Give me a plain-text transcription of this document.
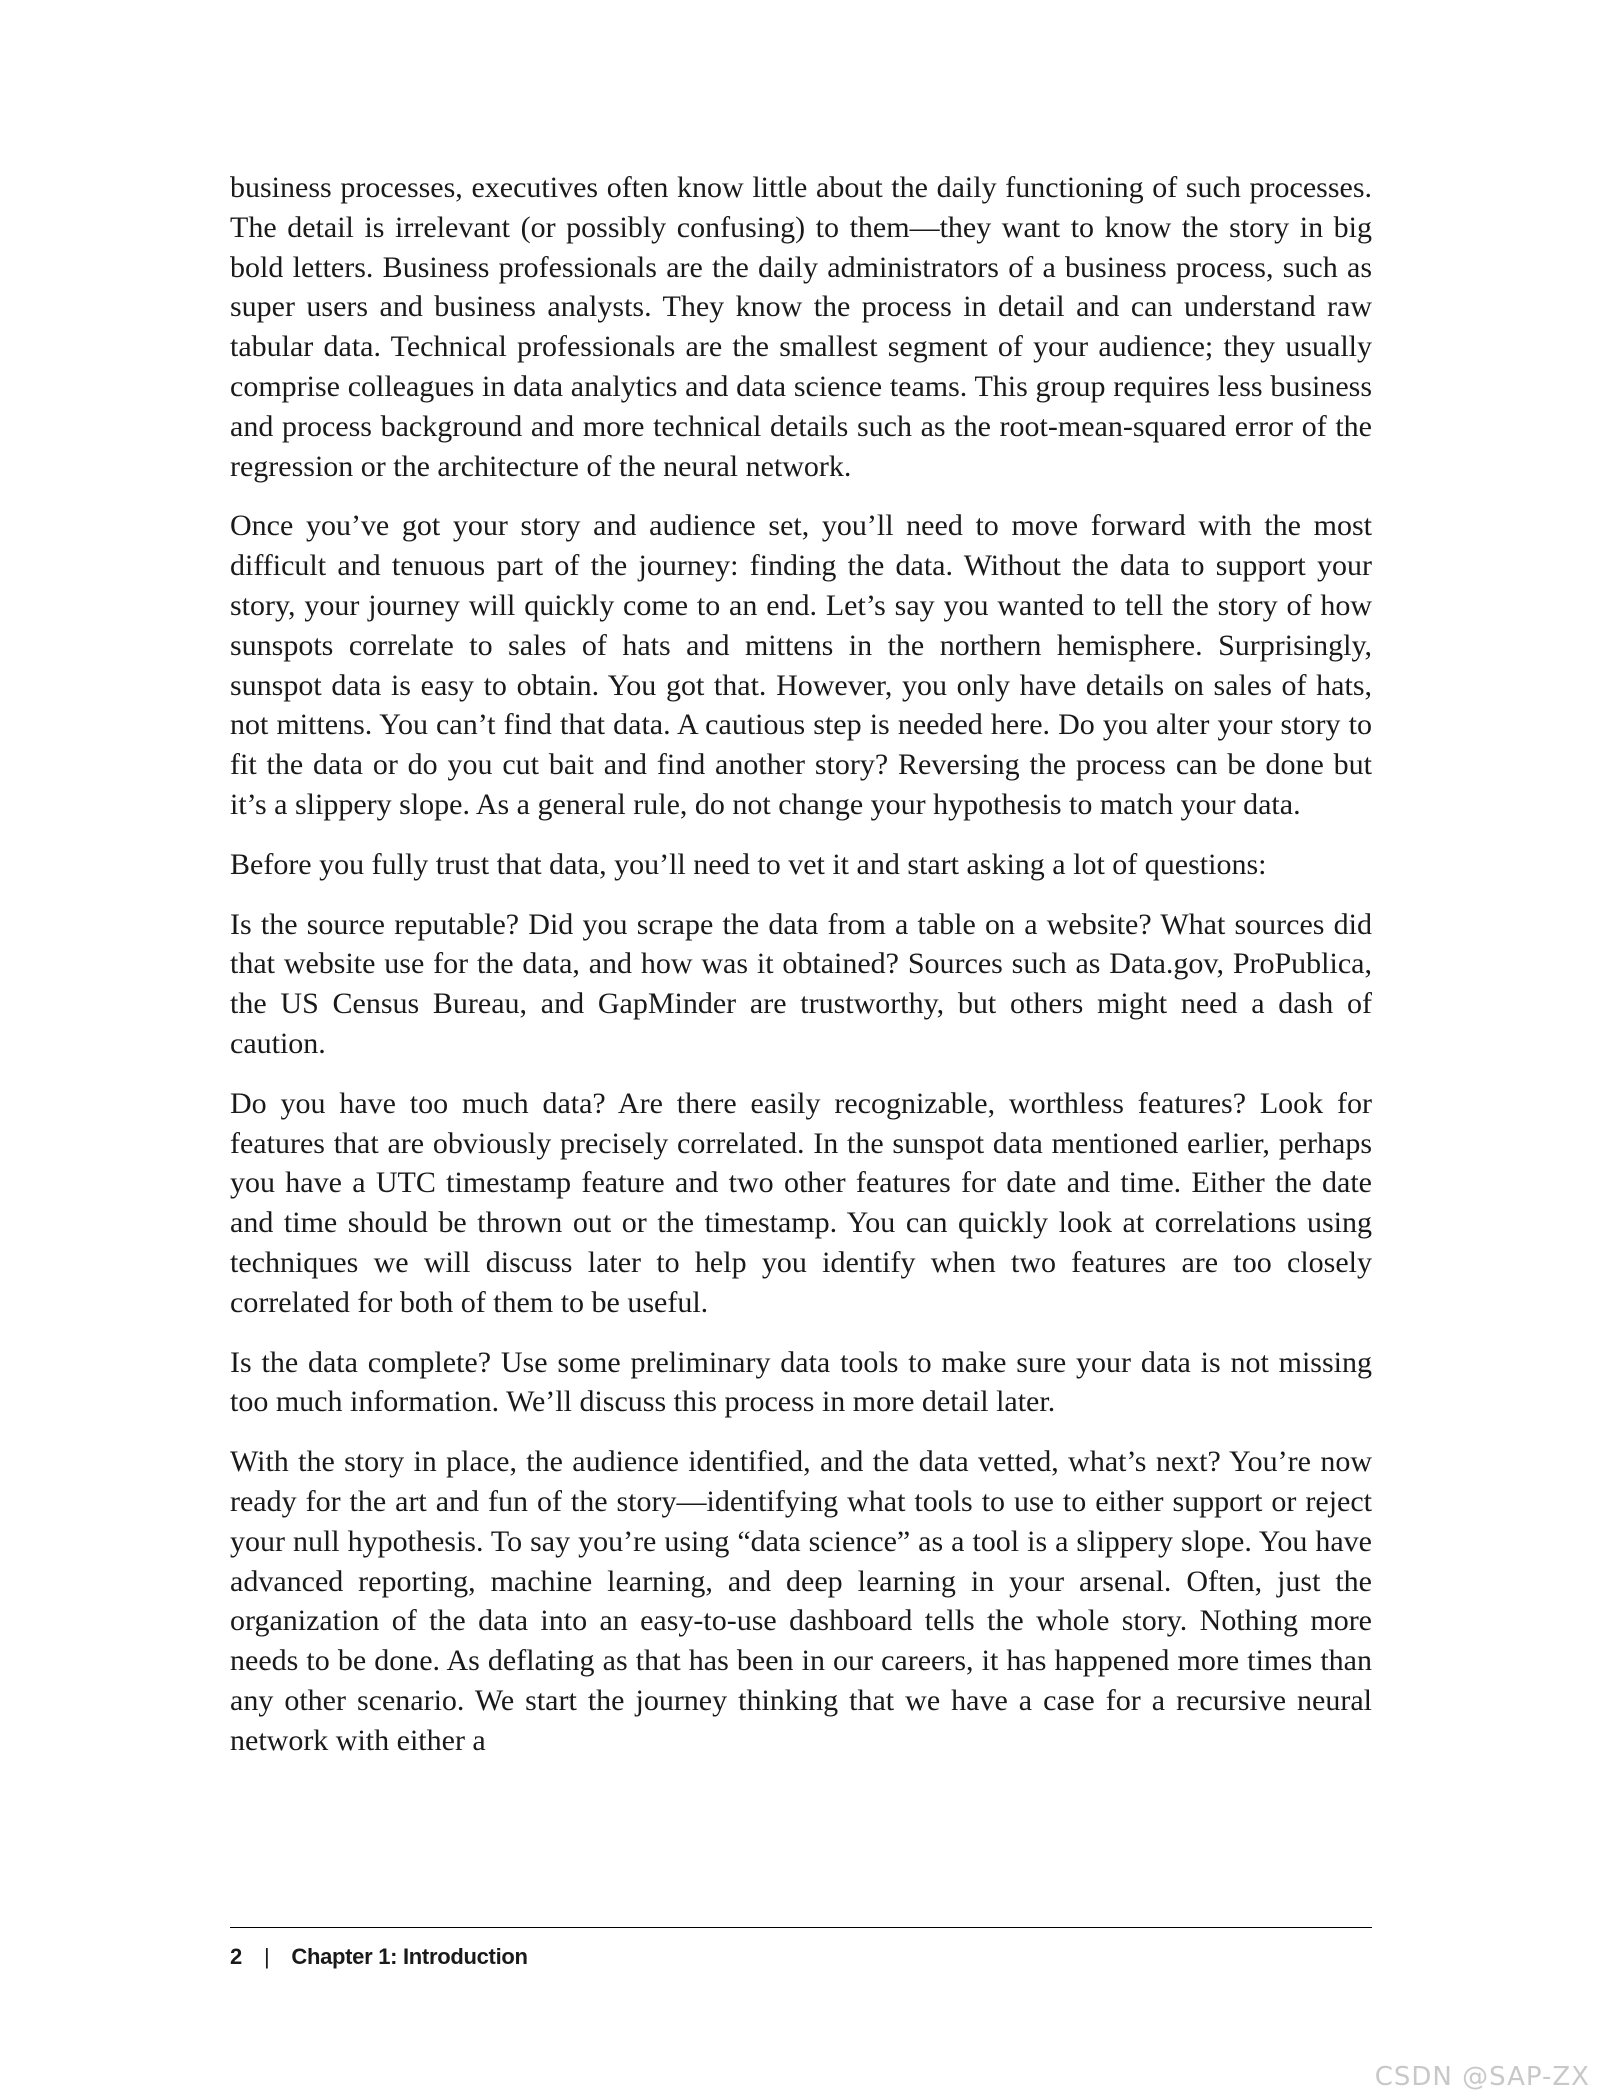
business processes, executives often know little about the daily functioning of such processes. The detail is irrelevant (or possibly confusing) to them—they want to know the story in big bold letters. Business professionals are the daily administrators of a business process, such as super users and business analysts. They know the process in detail and can understand raw tabular data. Technical professionals are the smallest segment of your audience; they usually comprise colleagues in data analytics and data science teams. This group requires less business and process background and more technical details such as the root-mean-squared error of the regression or the architecture of the neural network.

Once you’ve got your story and audience set, you’ll need to move forward with the most difficult and tenuous part of the journey: finding the data. Without the data to support your story, your journey will quickly come to an end. Let’s say you wanted to tell the story of how sunspots correlate to sales of hats and mittens in the northern hemisphere. Surprisingly, sunspot data is easy to obtain. You got that. However, you only have details on sales of hats, not mittens. You can’t find that data. A cautious step is needed here. Do you alter your story to fit the data or do you cut bait and find another story? Reversing the process can be done but it’s a slippery slope. As a general rule, do not change your hypothesis to match your data.

Before you fully trust that data, you’ll need to vet it and start asking a lot of questions:

Is the source reputable? Did you scrape the data from a table on a website? What sources did that website use for the data, and how was it obtained? Sources such as Data.gov, ProPublica, the US Census Bureau, and GapMinder are trustworthy, but others might need a dash of caution.

Do you have too much data? Are there easily recognizable, worthless features? Look for features that are obviously precisely correlated. In the sunspot data mentioned earlier, perhaps you have a UTC timestamp feature and two other features for date and time. Either the date and time should be thrown out or the timestamp. You can quickly look at correlations using techniques we will discuss later to help you identify when two features are too closely correlated for both of them to be useful.

Is the data complete? Use some preliminary data tools to make sure your data is not missing too much information. We’ll discuss this process in more detail later.

With the story in place, the audience identified, and the data vetted, what’s next? You’re now ready for the art and fun of the story—identifying what tools to use to either support or reject your null hypothesis. To say you’re using “data science” as a tool is a slippery slope. You have advanced reporting, machine learning, and deep learning in your arsenal. Often, just the organization of the data into an easy-to-use dashboard tells the whole story. Nothing more needs to be done. As deflating as that has been in our careers, it has happened more times than any other scenario. We start the journey thinking that we have a case for a recursive neural network with either a

2 | Chapter 1: Introduction
CSDN @SAP-ZX
